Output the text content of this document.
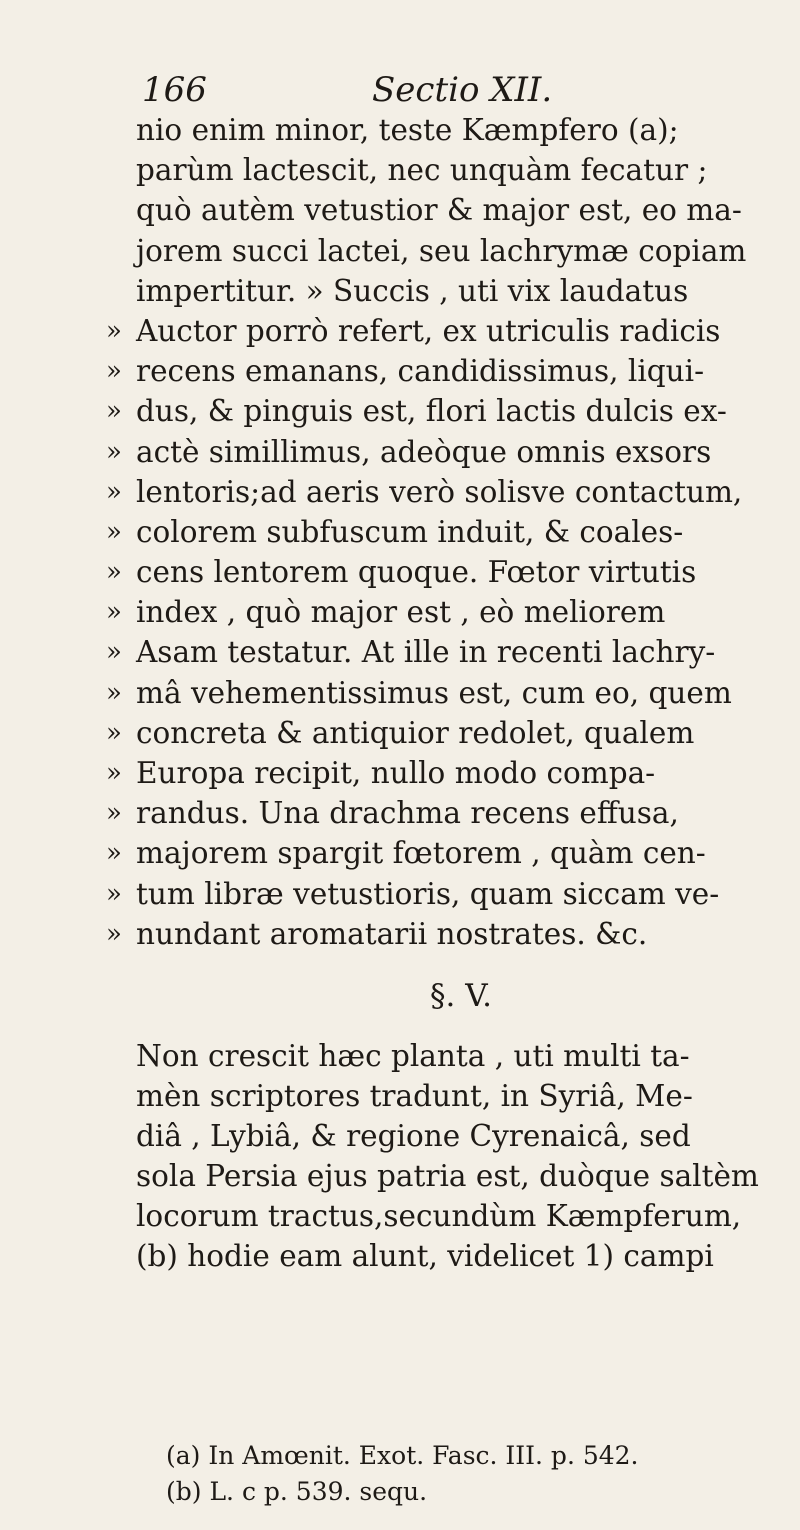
166	Sectio XII.
nio enim minor, teste Kæmpfero (a);
parùm lactescit, nec unquàm fecatur ;
quò autèm vetustior & major est, eo ma-
jorem succi lactei, seu lachrymæ copiam
impertitur. » Succis , uti vix laudatus
» Auctor porrò refert, ex utriculis radicis
» recens emanans, candidissimus, liqui-
» dus, & pinguis est, flori lactis dulcis ex-
» actè simillimus, adeòque omnis exsors
» lentoris;ad aeris verò solisve contactum,
» colorem subfuscum induit, & coales-
» cens lentorem quoque. Fœtor virtutis
» index , quò major est , eò meliorem
» Asam testatur. At ille in recenti lachry-
» mâ vehementissimus est, cum eo, quem
» concreta & antiquior redolet, qualem
» Europa recipit, nullo modo compa-
» randus. Una drachma recens effusa,
» majorem spargit fœtorem , quàm cen-
» tum libræ vetustioris, quam siccam ve-
» nundant aromatarii nostrates. &c.
§. V.
Non crescit hæc planta , uti multi ta-
mèn scriptores tradunt, in Syriâ, Me-
diâ , Lybiâ, & regione Cyrenaicâ, sed
sola Persia ejus patria est, duòque saltèm
locorum tractus,secundùm Kæmpferum,
(b) hodie eam alunt, videlicet 1) campi
(a) In Amœnit. Exot. Fasc. III. p. 542.
(b) L. c p. 539. sequ.
